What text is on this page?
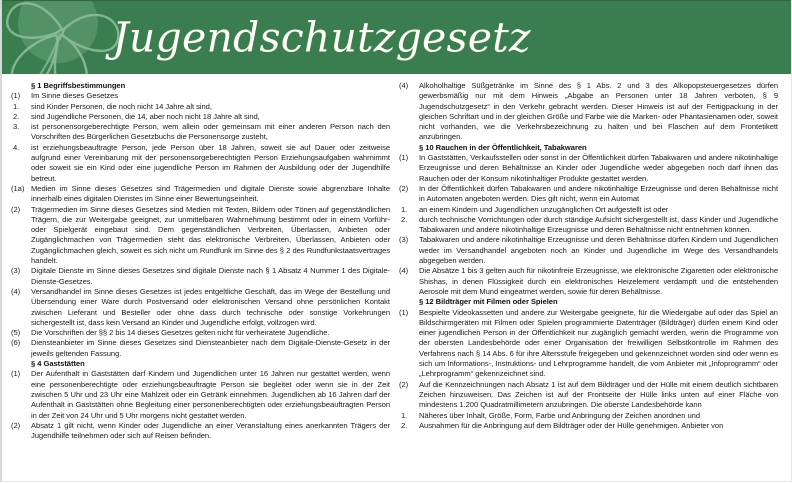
Jugendschutzgesetz
§ 1 Begriffsbestimmungen
(1)	Im Sinne dieses Gesetzes
1.	sind Kinder Personen, die noch nicht 14 Jahre alt sind,
2.	sind Jugendliche Personen, die 14, aber noch nicht 18 Jahre alt sind,
3.	ist personensorgeberechtigte Person, wem allein oder gemeinsam mit einer anderen Person nach den Vorschriften des Bürgerlichen Gesetzbuchs die Personensorge zusteht,
4.	ist erziehungsbeauftragte Person, jede Person über 18 Jahren, soweit sie auf Dauer oder zeitweise aufgrund einer Vereinbarung mit der personensorgeberechtigten Person Erziehungsaufgaben wahrnimmt oder soweit sie ein Kind oder eine jugendliche Person im Rahmen der Ausbildung oder der Jugendhilfe betreut.
(1a) Medien im Sinne dieses Gesetzes sind Trägermedien und digitale Dienste sowie abgrenzbare Inhalte innerhalb eines digitalen Dienstes im Sinne einer Bewertungseinheit.
(2)	Trägermedien im Sinne dieses Gesetzes sind Medien mit Texten, Bildern oder Tönen auf gegenständlichen Trägern, die zur Weitergabe geeignet, zur unmittelbaren Wahrnehmung bestimmt oder in einem Vorführ- oder Spielgerät eingebaut sind. Dem gegenständlichen Verbreiten, Überlassen, Anbieten oder Zugänglichmachen von Trägermedien steht das elektronische Verbreiten, Überlassen, Anbieten oder Zugänglichmachen gleich, soweit es sich nicht um Rundfunk im Sinne des § 2 des Rundfunkstaatsvertrages handelt.
(3)	Digitale Dienste im Sinne dieses Gesetzes sind digitale Dienste nach § 1 Absatz 4 Nummer 1 des Digitale-Dienste-Gesetzes.
(4)	Versandhandel im Sinne dieses Gesetzes ist jedes entgeltliche Geschäft, das im Wege der Bestellung und Übersendung einer Ware durch Postversand oder elektronischen Versand ohne persönlichen Kontakt zwischen Lieferant und Besteller oder ohne dass durch technische oder sonstige Vorkehrungen sichergestellt ist, dass kein Versand an Kinder und Jugendliche erfolgt, vollzogen wird.
(5)	Die Vorschriften der §§ 2 bis 14 dieses Gesetzes gelten nicht für verheiratete Jugendliche.
(6)	Diensteanbieter im Sinne dieses Gesetzes sind Diensteanbieter nach dem Digitale-Dienste-Gesetz in der jeweils geltenden Fassung.
§ 4 Gaststätten
(1)	Der Aufenthalt in Gaststätten darf Kindern und Jugendlichen unter 16 Jahren nur gestattet werden, wenn eine personenberechtigte oder erziehungsbeauftragte Person sie begleitet oder wenn sie in der Zeit zwischen 5 Uhr und 23 Uhr eine Mahlzeit oder ein Getränk einnehmen. Jugendlichen ab 16 Jahren darf der Aufenthalt in Gaststätten ohne Begleitung einer personenberechtigten oder erziehungsbeauftragten Person in der Zeit von 24 Uhr und 5 Uhr morgens nicht gestattet werden.
(2)	Absatz 1 gilt nicht, wenn Kinder oder Jugendliche an einer Veranstaltung eines anerkannten Trägers der Jugendhilfe teilnehmen oder sich auf Reisen befinden.
(4)	Alkoholhaltige Süßgetränke im Sinne des § 1 Abs. 2 und 3 des Alkopopsteuergesetzes dürfen gewerbsmäßig nur mit dem Hinweis „Abgabe an Personen unter 18 Jahren verboten, § 9 Jugendschutzgesetz“ in den Verkehr gebracht werden. Dieser Hinweis ist auf der Fertigpackung in der gleichen Schriftart und in der gleichen Größe und Farbe wie die Marken- oder Phantasienamen oder, soweit nicht vorhanden, wie die Verkehrsbezeichnung zu halten und bei Flaschen auf dem Frontetikett anzubringen.
§ 10 Rauchen in der Öffentlichkeit, Tabakwaren
(1)	In Gaststätten, Verkaufsstellen oder sonst in der Öffentlichkeit dürfen Tabakwaren und andere nikotinhaltige Erzeugnisse und deren Behältnisse an Kinder oder Jugendliche weder abgegeben noch darf ihnen das Rauchen oder der Konsum nikotinhaltiger Produkte gestattet werden.
(2)	In der Öffentlichkeit dürfen Tabakwaren und andere nikotinhaltige Erzeugnisse und deren Behältnisse nicht in Automaten angeboten werden. Dies gilt nicht, wenn ein Automat
1.	an einem Kindern und Jugendlichen unzugänglichen Ort aufgestellt ist oder
2.	durch technische Vorrichtungen oder durch ständige Aufsicht sichergestellt ist, dass Kinder und Jugendliche Tabakwaren und andere nikotinhaltige Erzeugnisse und deren Behältnisse nicht entnehmen können.
(3)	Tabakwaren und andere nikotinhaltige Erzeugnisse und deren Behältnisse dürfen Kindern und Jugendlichen weder im Versandhandel angeboten noch an Kinder und Jugendliche im Wege des Versandhandels abgegeben werden.
(4)	Die Absätze 1 bis 3 gelten auch für nikotinfreie Erzeugnisse, wie elektronische Zigaretten oder elektronische Shishas, in denen Flüssigkeit durch ein elektronisches Heizelement verdampft und die entstehenden Aerosole mit dem Mund eingeatmet werden, sowie für deren Behältnisse.
§ 12 Bildträger mit Filmen oder Spielen
(1)	Bespielte Videokassetten und andere zur Weitergabe geeignete, für die Wiedergabe auf oder das Spiel an Bildschirmgeräten mit Filmen oder Spielen programmierte Datenträger (Bildträger) dürfen einem Kind oder einer jugendlichen Person in der Öffentlichkeit nur zugänglich gemacht werden, wenn die Programme von der obersten Landesbehörde oder einer Organisation der freiwilligen Selbstkontrolle im Rahmen des Verfahrens nach § 14 Abs. 6 für ihre Altersstufe freigegeben und gekennzeichnet worden sind oder wenn es sich um Informations-, Instruktions- und Lehrprogramme handelt, die vom Anbieter mit „Infoprogramm“ oder „Lehrprogramm“ gekennzeichnet sind.
(2)	Auf die Kennzeichnungen nach Absatz 1 ist auf dem Bildträger und der Hülle mit einem deutlich sichtbaren Zeichen hinzuweisen. Das Zeichen ist auf der Frontseite der Hülle links unten auf einer Fläche von mindestens 1.200 Quadratmillimetern anzubringen. Die oberste Landesbehörde kann
1.	Näheres über Inhalt, Größe, Form, Farbe und Anbringung der Zeichen anordnen und
2.	Ausnahmen für die Anbringung auf dem Bildträger oder der Hülle genehmigen. Anbieter von
